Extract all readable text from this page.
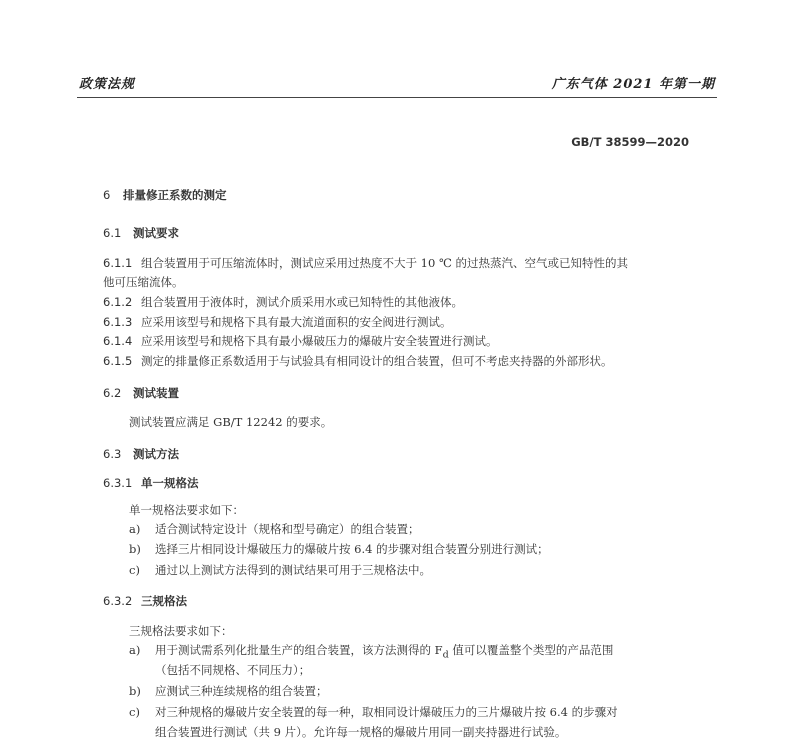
政策法规	广东气体 2021 年第一期
GB/T 38599—2020
6 排量修正系数的测定
6.1 测试要求
6.1.1 组合装置用于可压缩流体时，测试应采用过热度不大于 10 ℃ 的过热蒸汽、空气或已知特性的其
他可压缩流体。
6.1.2 组合装置用于液体时，测试介质采用水或已知特性的其他液体。
6.1.3 应采用该型号和规格下具有最大流道面积的安全阀进行测试。
6.1.4 应采用该型号和规格下具有最小爆破压力的爆破片安全装置进行测试。
6.1.5 测定的排量修正系数适用于与试验具有相同设计的组合装置，但可不考虑夹持器的外部形状。
6.2 测试装置
测试装置应满足 GB/T 12242 的要求。
6.3 测试方法
6.3.1 单一规格法
单一规格法要求如下：
a) 适合测试特定设计（规格和型号确定）的组合装置；
b) 选择三片相同设计爆破压力的爆破片按 6.4 的步骤对组合装置分别进行测试；
c) 通过以上测试方法得到的测试结果可用于三规格法中。
6.3.2 三规格法
三规格法要求如下：
a) 用于测试需系列化批量生产的组合装置，该方法测得的 $F_d$ 值可以覆盖整个类型的产品范围
（包括不同规格、不同压力）；
b) 应测试三种连续规格的组合装置；
c) 对三种规格的爆破片安全装置的每一种，取相同设计爆破压力的三片爆破片按 6.4 的步骤对
组合装置进行测试（共 9 片）。允许每一规格的爆破片用同一副夹持器进行试验。
